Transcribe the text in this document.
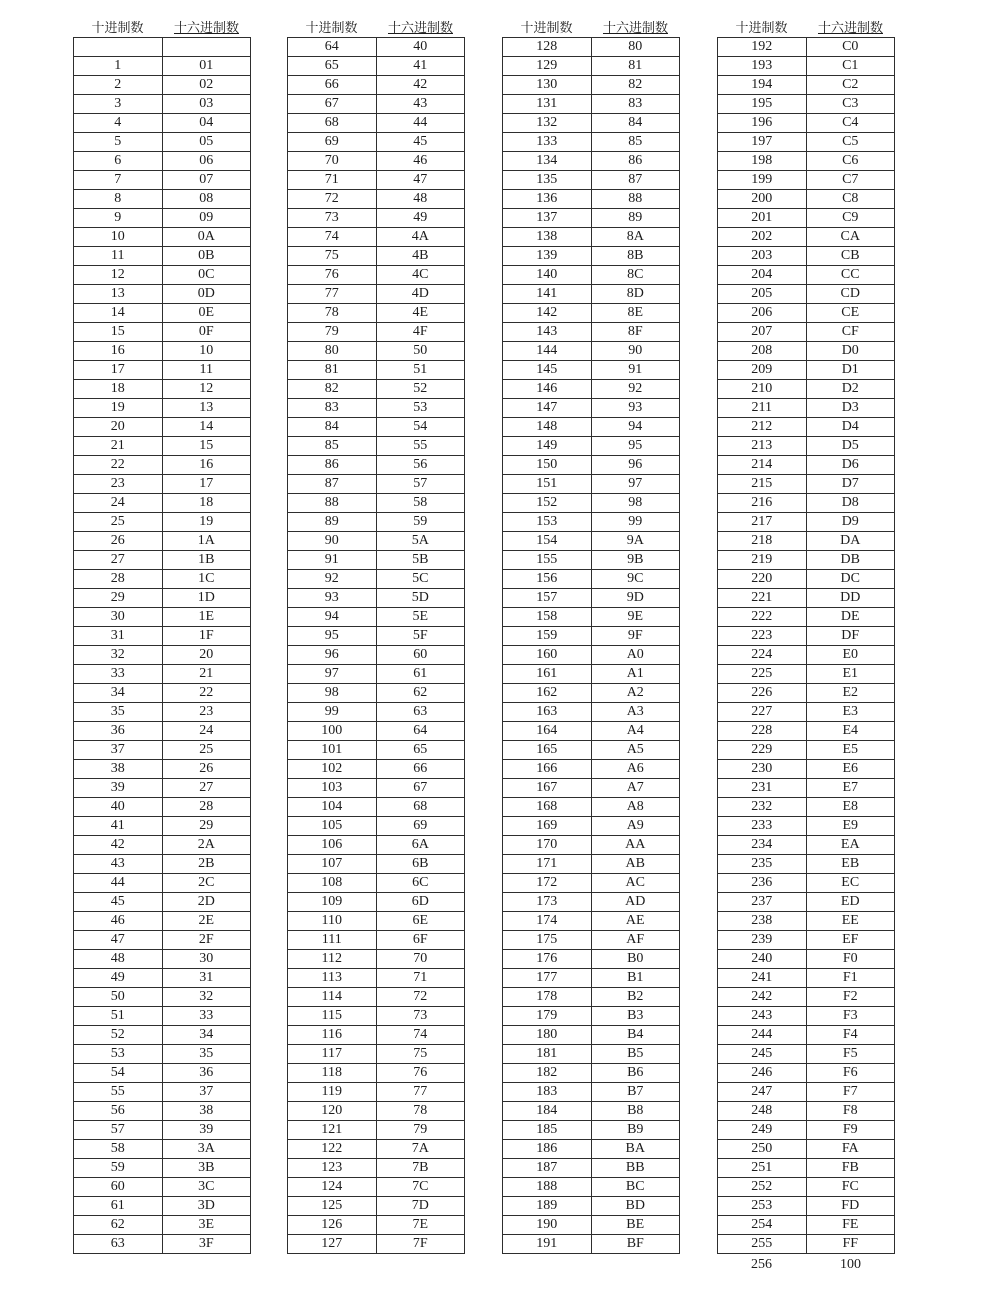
十进制数	十六进制数

1	01
2	02
3	03
4	04
5	05
6	06
7	07
8	08
9	09
10	0A
11	0B
12	0C
13	0D
14	0E
15	0F
16	10
17	11
18	12
19	13
20	14
21	15
22	16
23	17
24	18
25	19
26	1A
27	1B
28	1C
29	1D
30	1E
31	1F
32	20
33	21
34	22
35	23
36	24
37	25
38	26
39	27
40	28
41	29
42	2A
43	2B
44	2C
45	2D
46	2E
47	2F
48	30
49	31
50	32
51	33
52	34
53	35
54	36
55	37
56	38
57	39
58	3A
59	3B
60	3C
61	3D
62	3E
63	3F
十进制数	十六进制数
64	40
65	41
66	42
67	43
68	44
69	45
70	46
71	47
72	48
73	49
74	4A
75	4B
76	4C
77	4D
78	4E
79	4F
80	50
81	51
82	52
83	53
84	54
85	55
86	56
87	57
88	58
89	59
90	5A
91	5B
92	5C
93	5D
94	5E
95	5F
96	60
97	61
98	62
99	63
100	64
101	65
102	66
103	67
104	68
105	69
106	6A
107	6B
108	6C
109	6D
110	6E
111	6F
112	70
113	71
114	72
115	73
116	74
117	75
118	76
119	77
120	78
121	79
122	7A
123	7B
124	7C
125	7D
126	7E
127	7F
十进制数	十六进制数
128	80
129	81
130	82
131	83
132	84
133	85
134	86
135	87
136	88
137	89
138	8A
139	8B
140	8C
141	8D
142	8E
143	8F
144	90
145	91
146	92
147	93
148	94
149	95
150	96
151	97
152	98
153	99
154	9A
155	9B
156	9C
157	9D
158	9E
159	9F
160	A0
161	A1
162	A2
163	A3
164	A4
165	A5
166	A6
167	A7
168	A8
169	A9
170	AA
171	AB
172	AC
173	AD
174	AE
175	AF
176	B0
177	B1
178	B2
179	B3
180	B4
181	B5
182	B6
183	B7
184	B8
185	B9
186	BA
187	BB
188	BC
189	BD
190	BE
191	BF
十进制数	十六进制数
192	C0
193	C1
194	C2
195	C3
196	C4
197	C5
198	C6
199	C7
200	C8
201	C9
202	CA
203	CB
204	CC
205	CD
206	CE
207	CF
208	D0
209	D1
210	D2
211	D3
212	D4
213	D5
214	D6
215	D7
216	D8
217	D9
218	DA
219	DB
220	DC
221	DD
222	DE
223	DF
224	E0
225	E1
226	E2
227	E3
228	E4
229	E5
230	E6
231	E7
232	E8
233	E9
234	EA
235	EB
236	EC
237	ED
238	EE
239	EF
240	F0
241	F1
242	F2
243	F3
244	F4
245	F5
246	F6
247	F7
248	F8
249	F9
250	FA
251	FB
252	FC
253	FD
254	FE
255	FF
256	100
